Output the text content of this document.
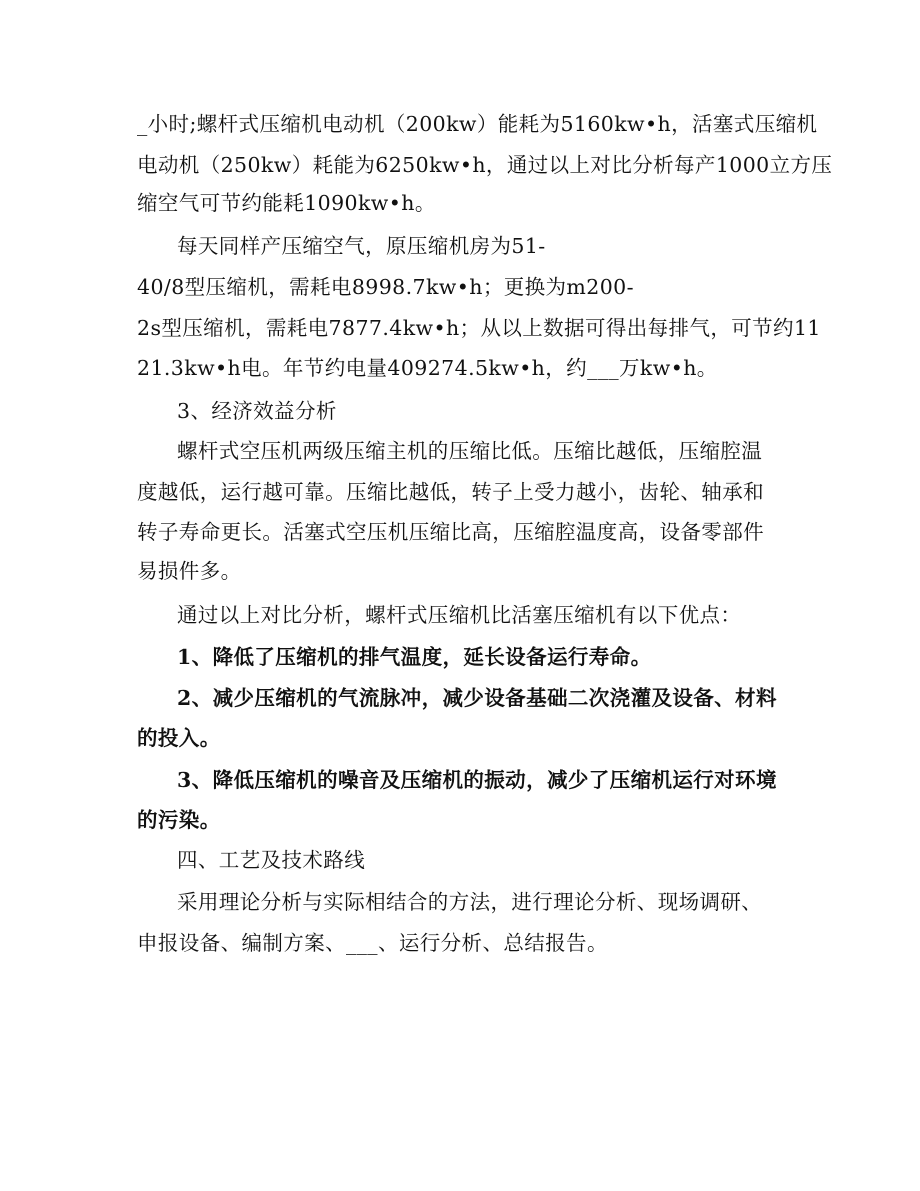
_小时;螺杆式压缩机电动机（200kw）能耗为5160kw•h，活塞式压缩机
电动机（250kw）耗能为6250kw•h，通过以上对比分析每产1000立方压
缩空气可节约能耗1090kw•h。
每天同样产压缩空气，原压缩机房为51-
40/8型压缩机，需耗电8998.7kw•h；更换为m200-
2s型压缩机，需耗电7877.4kw•h；从以上数据可得出每排气，可节约11
21.3kw•h电。年节约电量409274.5kw•h，约___万kw•h。
3、经济效益分析
螺杆式空压机两级压缩主机的压缩比低。压缩比越低，压缩腔温
度越低，运行越可靠。压缩比越低，转子上受力越小，齿轮、轴承和
转子寿命更长。活塞式空压机压缩比高，压缩腔温度高，设备零部件
易损件多。
通过以上对比分析，螺杆式压缩机比活塞压缩机有以下优点：
1、降低了压缩机的排气温度，延长设备运行寿命。
2、减少压缩机的气流脉冲，减少设备基础二次浇灌及设备、材料
的投入。
3、降低压缩机的噪音及压缩机的振动，减少了压缩机运行对环境
的污染。
四、工艺及技术路线
采用理论分析与实际相结合的方法，进行理论分析、现场调研、
申报设备、编制方案、___、运行分析、总结报告。
